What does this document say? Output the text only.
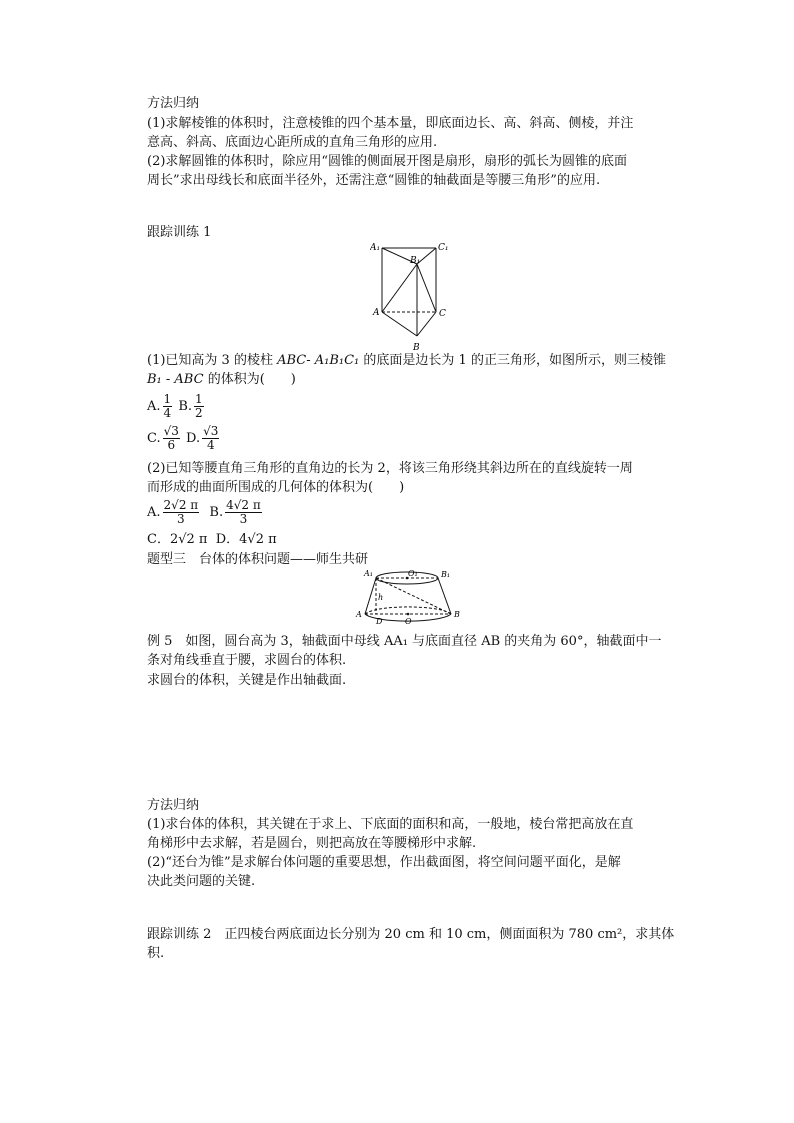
方法归纳
(1)求解棱锥的体积时，注意棱锥的四个基本量，即底面边长、高、斜高、侧棱，并注
意高、斜高、底面边心距所成的直角三角形的应用.
(2)求解圆锥的体积时，除应用“圆锥的侧面展开图是扇形，扇形的弧长为圆锥的底面
周长”求出母线长和底面半径外，还需注意“圆锥的轴截面是等腰三角形”的应用.
跟踪训练 1
A₁	C₁
B₁
A	C
B
(1)已知高为 3 的棱柱 ABC- A₁B₁C₁ 的底面是边长为 1 的正三角形，如图所示，则三棱锥
B₁ - ABC 的体积为(　　)
A. $\frac{1}{4} B$. $\frac{1}{2}$
C. $\frac{√3}{6} D$. $\frac{√3}{4}$
(2)已知等腰直角三角形的直角边的长为 2，将该三角形绕其斜边所在的直线旋转一周
而形成的曲面所围成的几何体的体积为(　　)
A. $\frac{2√2 \pi}{3} B$. $\frac{4√2 \pi}{3}$
C．2√2 π D．4√2 π
题型三　台体的体积问题——师生共研
A₁	O₁	B₁
A
h
D	O
B
例 5　如图，圆台高为 3，轴截面中母线 AA₁ 与底面直径 AB 的夹角为 60°，轴截面中一
条对角线垂直于腰，求圆台的体积.
求圆台的体积，关键是作出轴截面.
方法归纳
(1)求台体的体积，其关键在于求上、下底面的面积和高，一般地，棱台常把高放在直
角梯形中去求解，若是圆台，则把高放在等腰梯形中求解.
(2)“还台为锥”是求解台体问题的重要思想，作出截面图，将空间问题平面化，是解
决此类问题的关键.
跟踪训练 2　正四棱台两底面边长分别为 20 cm 和 10 cm，侧面面积为 780 cm²，求其体
积.
